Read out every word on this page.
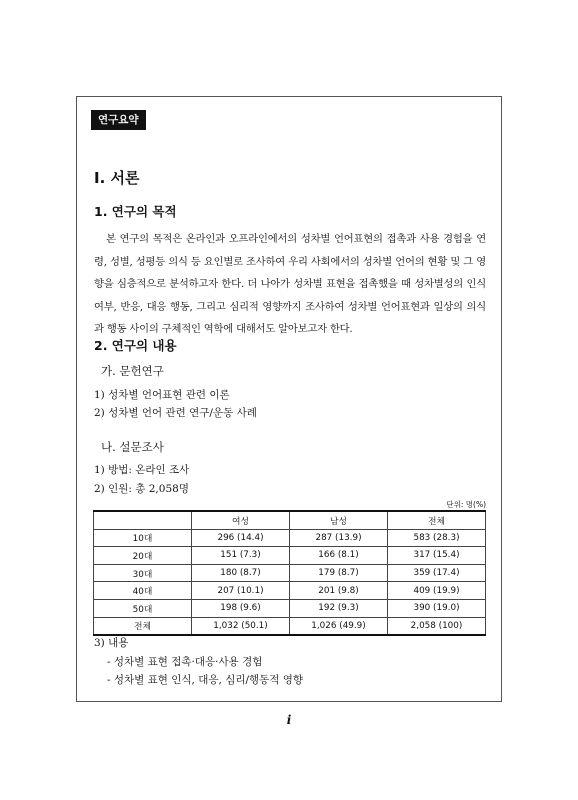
연구요약
Ⅰ. 서론
1. 연구의 목적

본 연구의 목적은 온라인과 오프라인에서의 성차별 언어표현의 접촉과 사용 경험을 연령, 성별, 성평등 의식 등 요인별로 조사하여 우리 사회에서의 성차별 언어의 현황 및 그 영향을 심층적으로 분석하고자 한다. 더 나아가 성차별 표현을 접촉했을 때 성차별성의 인식 여부, 반응, 대응 행동, 그리고 심리적 영향까지 조사하여 성차별 언어표현과 일상의 의식과 행동 사이의 구체적인 역학에 대해서도 알아보고자 한다.

2. 연구의 내용
가. 문헌연구
1) 성차별 언어표현 관련 이론
2) 성차별 언어 관련 연구/운동 사례
나. 설문조사
1) 방법: 온라인 조사
2) 인원: 총 2,058명
단위: 명(%)
	여성	남성	전체
10대	296 (14.4)	287 (13.9)	583 (28.3)
20대	151 (7.3)	166 (8.1)	317 (15.4)
30대	180 (8.7)	179 (8.7)	359 (17.4)
40대	207 (10.1)	201 (9.8)	409 (19.9)
50대	198 (9.6)	192 (9.3)	390 (19.0)
전체	1,032 (50.1)	1,026 (49.9)	2,058 (100)
3) 내용
- 성차별 표현 접촉·대응·사용 경험
- 성차별 표현 인식, 대응, 심리/행동적 영향
i
